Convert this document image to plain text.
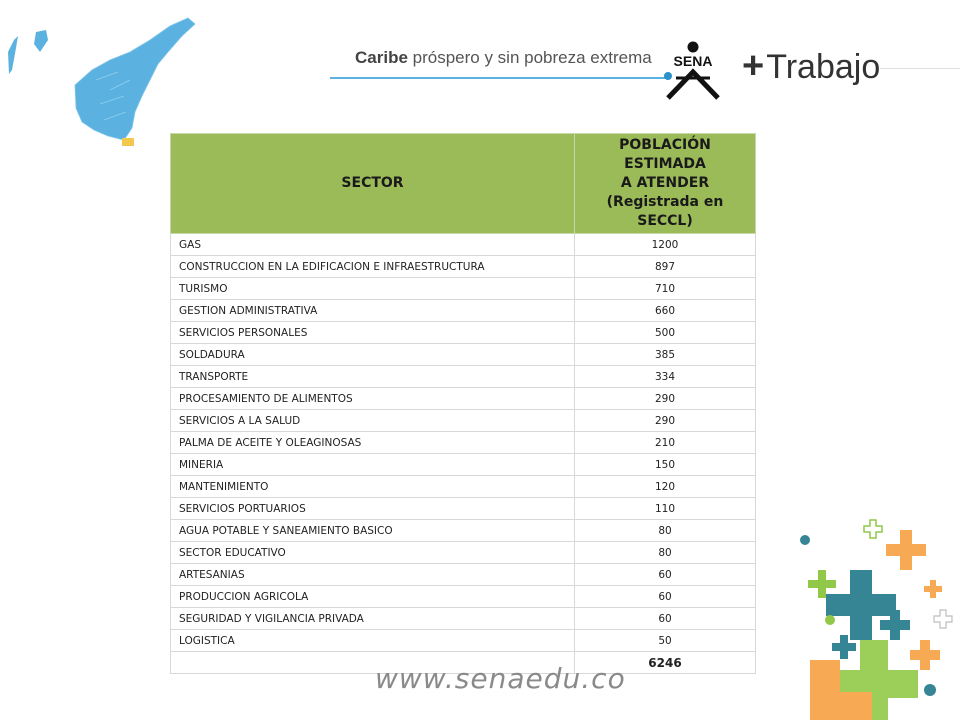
Caribe próspero y sin pobreza extrema SENA +Trabajo
SECTOR	POBLACIÓN ESTIMADA
A ATENDER
(Registrada en SECCL)

GAS	1200
CONSTRUCCION EN LA EDIFICACION E INFRAESTRUCTURA	897
TURISMO	710
GESTION ADMINISTRATIVA	660
SERVICIOS PERSONALES	500
SOLDADURA	385
TRANSPORTE	334
PROCESAMIENTO DE ALIMENTOS	290
SERVICIOS A LA SALUD	290
PALMA DE ACEITE Y OLEAGINOSAS	210
MINERIA	150
MANTENIMIENTO	120
SERVICIOS PORTUARIOS	110
AGUA POTABLE Y SANEAMIENTO BASICO	80
SECTOR EDUCATIVO	80
ARTESANIAS	60
PRODUCCION AGRICOLA	60
SEGURIDAD Y VIGILANCIA PRIVADA	60
LOGISTICA	50
	6246
www.senaedu.co
